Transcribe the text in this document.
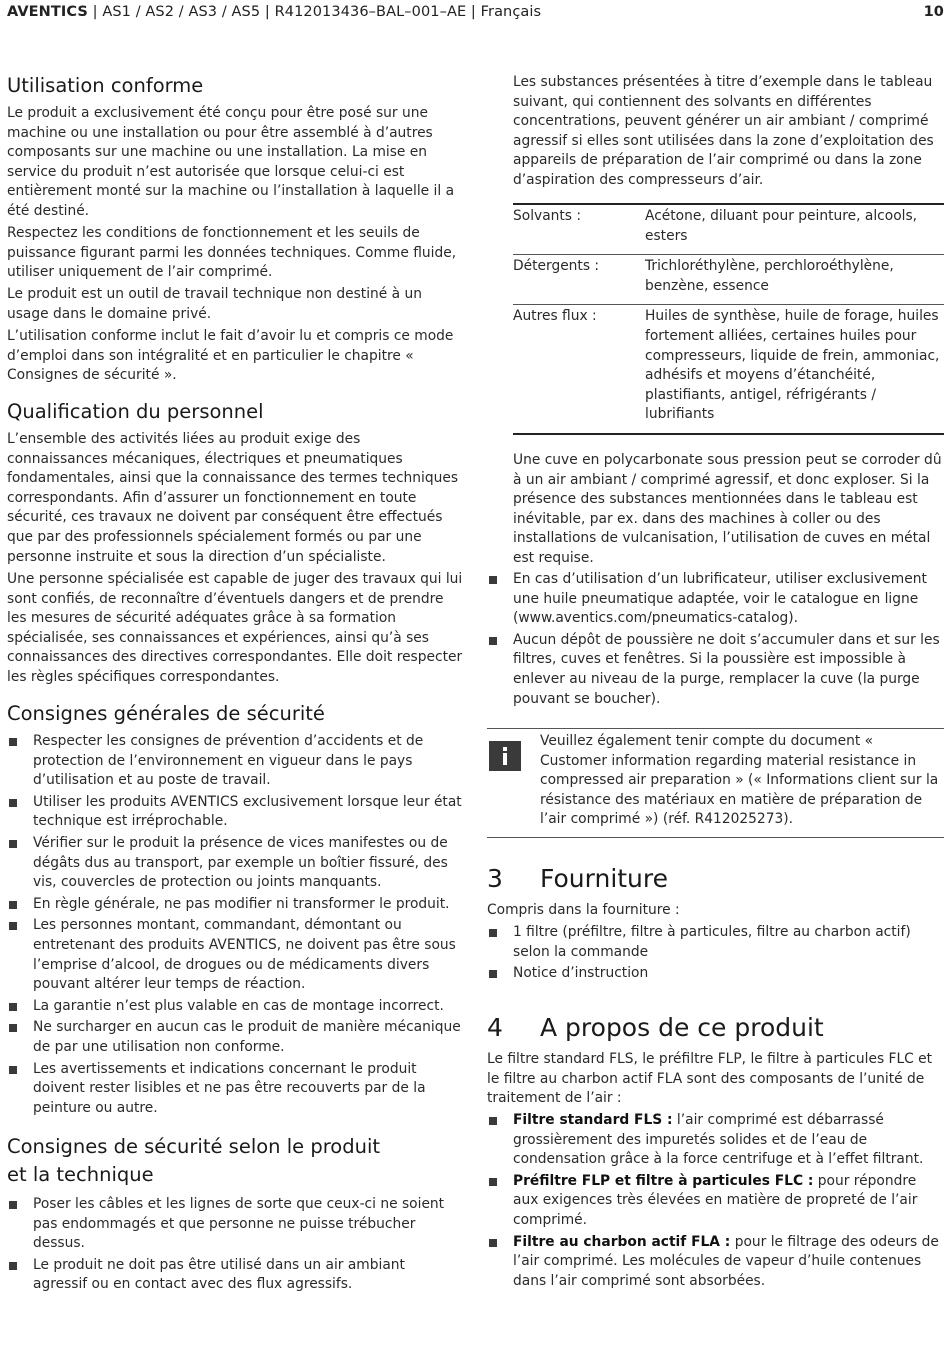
AVENTICS | AS1 / AS2 / AS3 / AS5 | R412013436–BAL–001–AE | Français	10
Utilisation conforme

Le produit a exclusivement été conçu pour être posé sur une machine ou une installation ou pour être assemblé à d’autres composants sur une machine ou une installation. La mise en service du produit n’est autorisée que lorsque celui-ci est entièrement monté sur la machine ou l’installation à laquelle il a été destiné.

Respectez les conditions de fonctionnement et les seuils de puissance figurant parmi les données techniques. Comme fluide, utiliser uniquement de l’air comprimé.

Le produit est un outil de travail technique non destiné à un usage dans le domaine privé.

L’utilisation conforme inclut le fait d’avoir lu et compris ce mode d’emploi dans son intégralité et en particulier le chapitre « Consignes de sécurité ».

Qualification du personnel

L’ensemble des activités liées au produit exige des connaissances mécaniques, électriques et pneumatiques fondamentales, ainsi que la connaissance des termes techniques correspondants. Afin d’assurer un fonctionnement en toute sécurité, ces travaux ne doivent par conséquent être effectués que par des professionnels spécialement formés ou par une personne instruite et sous la direction d’un spécialiste.

Une personne spécialisée est capable de juger des travaux qui lui sont confiés, de reconnaître d’éventuels dangers et de prendre les mesures de sécurité adéquates grâce à sa formation spécialisée, ses connaissances et expériences, ainsi qu’à ses connaissances des directives correspondantes. Elle doit respecter les règles spécifiques correspondantes.

Consignes générales de sécurité
Respecter les consignes de prévention d’accidents et de protection de l’environnement en vigueur dans le pays d’utilisation et au poste de travail.
Utiliser les produits AVENTICS exclusivement lorsque leur état technique est irréprochable.
Vérifier sur le produit la présence de vices manifestes ou de dégâts dus au transport, par exemple un boîtier fissuré, des vis, couvercles de protection ou joints manquants.
En règle générale, ne pas modifier ni transformer le produit.
Les personnes montant, commandant, démontant ou entretenant des produits AVENTICS, ne doivent pas être sous l’emprise d’alcool, de drogues ou de médicaments divers pouvant altérer leur temps de réaction.
La garantie n’est plus valable en cas de montage incorrect.
Ne surcharger en aucun cas le produit de manière mécanique de par une utilisation non conforme.
Les avertissements et indications concernant le produit doivent rester lisibles et ne pas être recouverts par de la peinture ou autre.
Consignes de sécurité selon le produit
et la technique
Poser les câbles et les lignes de sorte que ceux-ci ne soient pas endommagés et que personne ne puisse trébucher dessus.
Le produit ne doit pas être utilisé dans un air ambiant agressif ou en contact avec des flux agressifs.

Les substances présentées à titre d’exemple dans le tableau suivant, qui contiennent des solvants en différentes concentrations, peuvent générer un air ambiant / comprimé agressif si elles sont utilisées dans la zone d’exploitation des appareils de préparation de l’air comprimé ou dans la zone d’aspiration des compresseurs d’air.

Solvants :	Acétone, diluant pour peinture, alcools, esters
Détergents :	Trichloréthylène, perchloroéthylène, benzène, essence
Autres flux :	Huiles de synthèse, huile de forage, huiles fortement alliées, certaines huiles pour compresseurs, liquide de frein, ammoniac, adhésifs et moyens d’étanchéité, plastifiants, antigel, réfrigérants / lubrifiants

Une cuve en polycarbonate sous pression peut se corroder dû à un air ambiant / comprimé agressif, et donc exploser. Si la présence des substances mentionnées dans le tableau est inévitable, par ex. dans des machines à coller ou des installations de vulcanisation, l’utilisation de cuves en métal est requise.

En cas d’utilisation d’un lubrificateur, utiliser exclusivement une huile pneumatique adaptée, voir le catalogue en ligne (www.aventics.com/pneumatics-catalog).
Aucun dépôt de poussière ne doit s’accumuler dans et sur les filtres, cuves et fenêtres. Si la poussière est impossible à enlever au niveau de la purge, remplacer la cuve (la purge pouvant se boucher).
Veuillez également tenir compte du document « Customer information regarding material resistance in compressed air preparation » (« Informations client sur la résistance des matériaux en matière de préparation de l’air comprimé ») (réf. R412025273).
3 Fourniture

Compris dans la fourniture :

1 filtre (préfiltre, filtre à particules, filtre au charbon actif) selon la commande
Notice d’instruction
4 A propos de ce produit

Le filtre standard FLS, le préfiltre FLP, le filtre à particules FLC et le filtre au charbon actif FLA sont des composants de l’unité de traitement de l’air :

Filtre standard FLS : l’air comprimé est débarrassé grossièrement des impuretés solides et de l’eau de condensation grâce à la force centrifuge et à l’effet filtrant.
Préfiltre FLP et filtre à particules FLC : pour répondre aux exigences très élevées en matière de propreté de l’air comprimé.
Filtre au charbon actif FLA : pour le filtrage des odeurs de l’air comprimé. Les molécules de vapeur d’huile contenues dans l’air comprimé sont absorbées.
